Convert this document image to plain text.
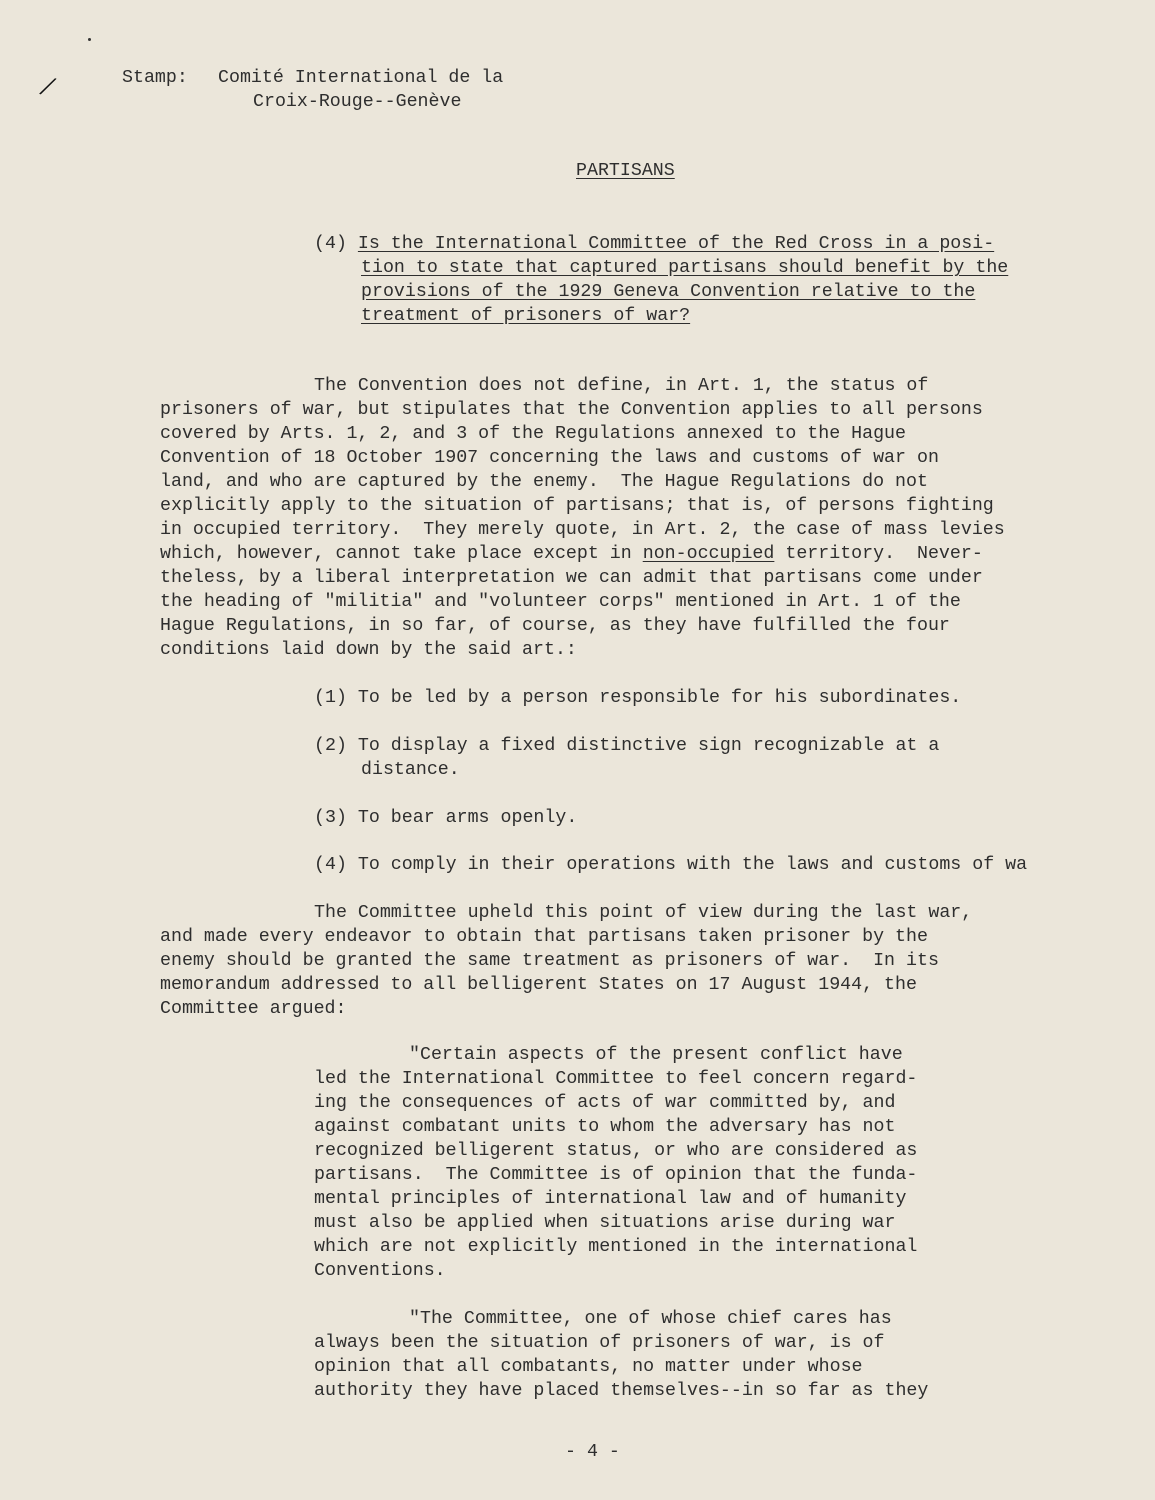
∕	Stamp: Comité International de la
Croix-Rouge--Genève
PARTISANS
(4) Is the International Committee of the Red Cross in a posi-
tion to state that captured partisans should benefit by the
provisions of the 1929 Geneva Convention relative to the
treatment of prisoners of war?
The Convention does not define, in Art. 1, the status of
prisoners of war, but stipulates that the Convention applies to all persons
covered by Arts. 1, 2, and 3 of the Regulations annexed to the Hague
Convention of 18 October 1907 concerning the laws and customs of war on
land, and who are captured by the enemy.  The Hague Regulations do not
explicitly apply to the situation of partisans; that is, of persons fighting
in occupied territory.  They merely quote, in Art. 2, the case of mass levies
which, however, cannot take place except in non-occupied territory.  Never-
theless, by a liberal interpretation we can admit that partisans come under
the heading of "militia" and "volunteer corps" mentioned in Art. 1 of the
Hague Regulations, in so far, of course, as they have fulfilled the four
conditions laid down by the said art.:
(1) To be led by a person responsible for his subordinates.
(2) To display a fixed distinctive sign recognizable at a
distance.
(3) To bear arms openly.
(4) To comply in their operations with the laws and customs of wa
The Committee upheld this point of view during the last war,
and made every endeavor to obtain that partisans taken prisoner by the
enemy should be granted the same treatment as prisoners of war.  In its
memorandum addressed to all belligerent States on 17 August 1944, the
Committee argued:
"Certain aspects of the present conflict have
led the International Committee to feel concern regard-
ing the consequences of acts of war committed by, and
against combatant units to whom the adversary has not
recognized belligerent status, or who are considered as
partisans.  The Committee is of opinion that the funda-
mental principles of international law and of humanity
must also be applied when situations arise during war
which are not explicitly mentioned in the international
Conventions.
"The Committee, one of whose chief cares has
always been the situation of prisoners of war, is of
opinion that all combatants, no matter under whose
authority they have placed themselves--in so far as they
- 4 -
